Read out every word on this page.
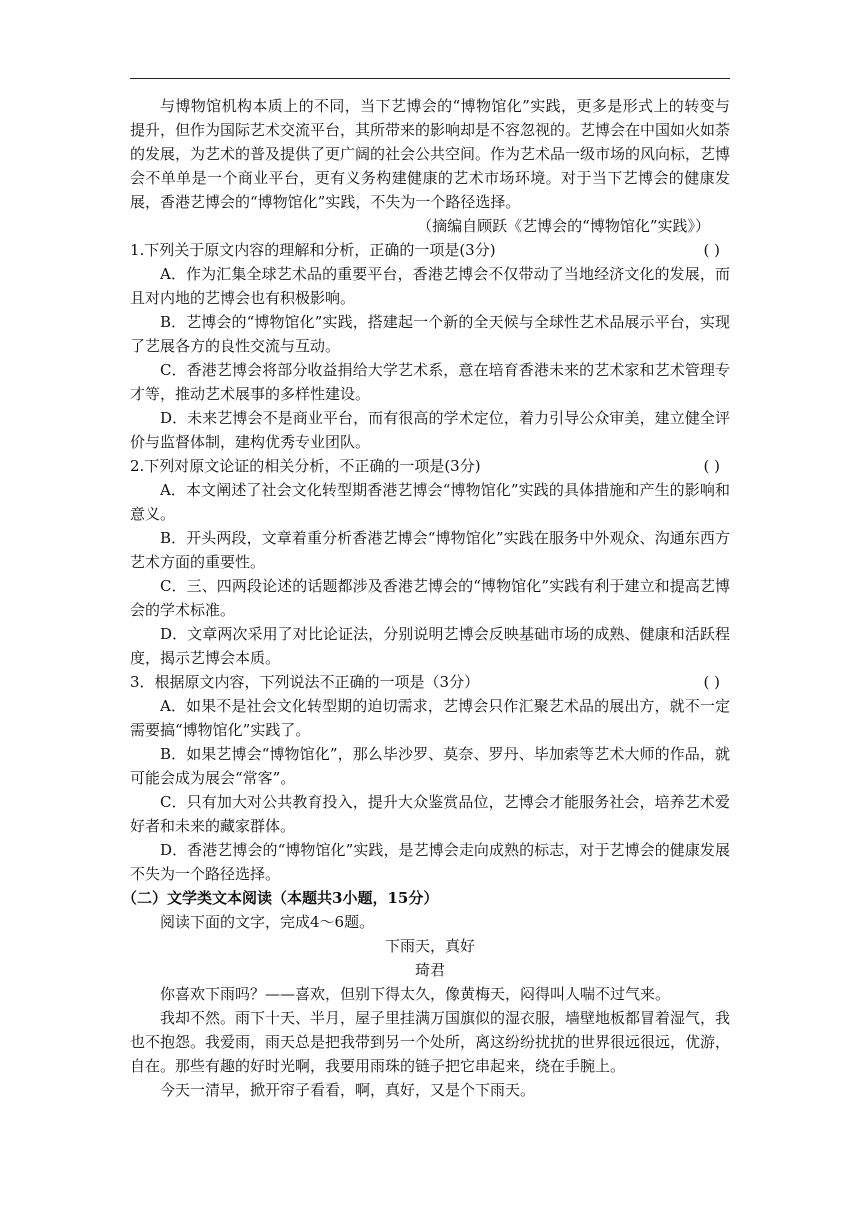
与博物馆机构本质上的不同，当下艺博会的“博物馆化”实践，更多是形式上的转变与提升，但作为国际艺术交流平台，其所带来的影响却是不容忽视的。艺博会在中国如火如荼的发展，为艺术的普及提供了更广阔的社会公共空间。作为艺术品一级市场的风向标，艺博会不单单是一个商业平台，更有义务构建健康的艺术市场环境。对于当下艺博会的健康发展，香港艺博会的“博物馆化”实践，不失为一个路径选择。

（摘编自顾跃《艺博会的“博物馆化”实践》）

1.下列关于原文内容的理解和分析，正确的一项是(3分)	( )

A．作为汇集全球艺术品的重要平台，香港艺博会不仅带动了当地经济文化的发展，而且对内地的艺博会也有积极影响。

B．艺博会的“博物馆化”实践，搭建起一个新的全天候与全球性艺术品展示平台，实现了艺展各方的良性交流与互动。

C．香港艺博会将部分收益捐给大学艺术系，意在培育香港未来的艺术家和艺术管理专才等，推动艺术展事的多样性建设。

D．未来艺博会不是商业平台，而有很高的学术定位，着力引导公众审美，建立健全评价与监督体制，建构优秀专业团队。

2.下列对原文论证的相关分析，不正确的一项是(3分)	( )

A．本文阐述了社会文化转型期香港艺博会“博物馆化”实践的具体措施和产生的影响和意义。

B．开头两段，文章着重分析香港艺博会“博物馆化”实践在服务中外观众、沟通东西方艺术方面的重要性。

C．三、四两段论述的话题都涉及香港艺博会的“博物馆化”实践有利于建立和提高艺博会的学术标准。

D．文章两次采用了对比论证法，分别说明艺博会反映基础市场的成熟、健康和活跃程度，揭示艺博会本质。

3．根据原文内容，下列说法不正确的一项是（3分）	( )

A．如果不是社会文化转型期的迫切需求，艺博会只作汇聚艺术品的展出方，就不一定需要搞“博物馆化”实践了。

B．如果艺博会“博物馆化”，那么毕沙罗、莫奈、罗丹、毕加索等艺术大师的作品，就可能会成为展会“常客”。

C．只有加大对公共教育投入，提升大众鉴赏品位，艺博会才能服务社会，培养艺术爱好者和未来的藏家群体。

D．香港艺博会的“博物馆化”实践，是艺博会走向成熟的标志，对于艺博会的健康发展不失为一个路径选择。

（二）文学类文本阅读（本题共3小题，15分）

阅读下面的文字，完成4～6题。

下雨天，真好

琦君

你喜欢下雨吗？——喜欢，但别下得太久，像黄梅天，闷得叫人喘不过气来。

我却不然。雨下十天、半月，屋子里挂满万国旗似的湿衣服，墙壁地板都冒着湿气，我也不抱怨。我爱雨，雨天总是把我带到另一个处所，离这纷纷扰扰的世界很远很远，优游，自在。那些有趣的好时光啊，我要用雨珠的链子把它串起来，绕在手腕上。

今天一清早，掀开帘子看看，啊，真好，又是个下雨天。
